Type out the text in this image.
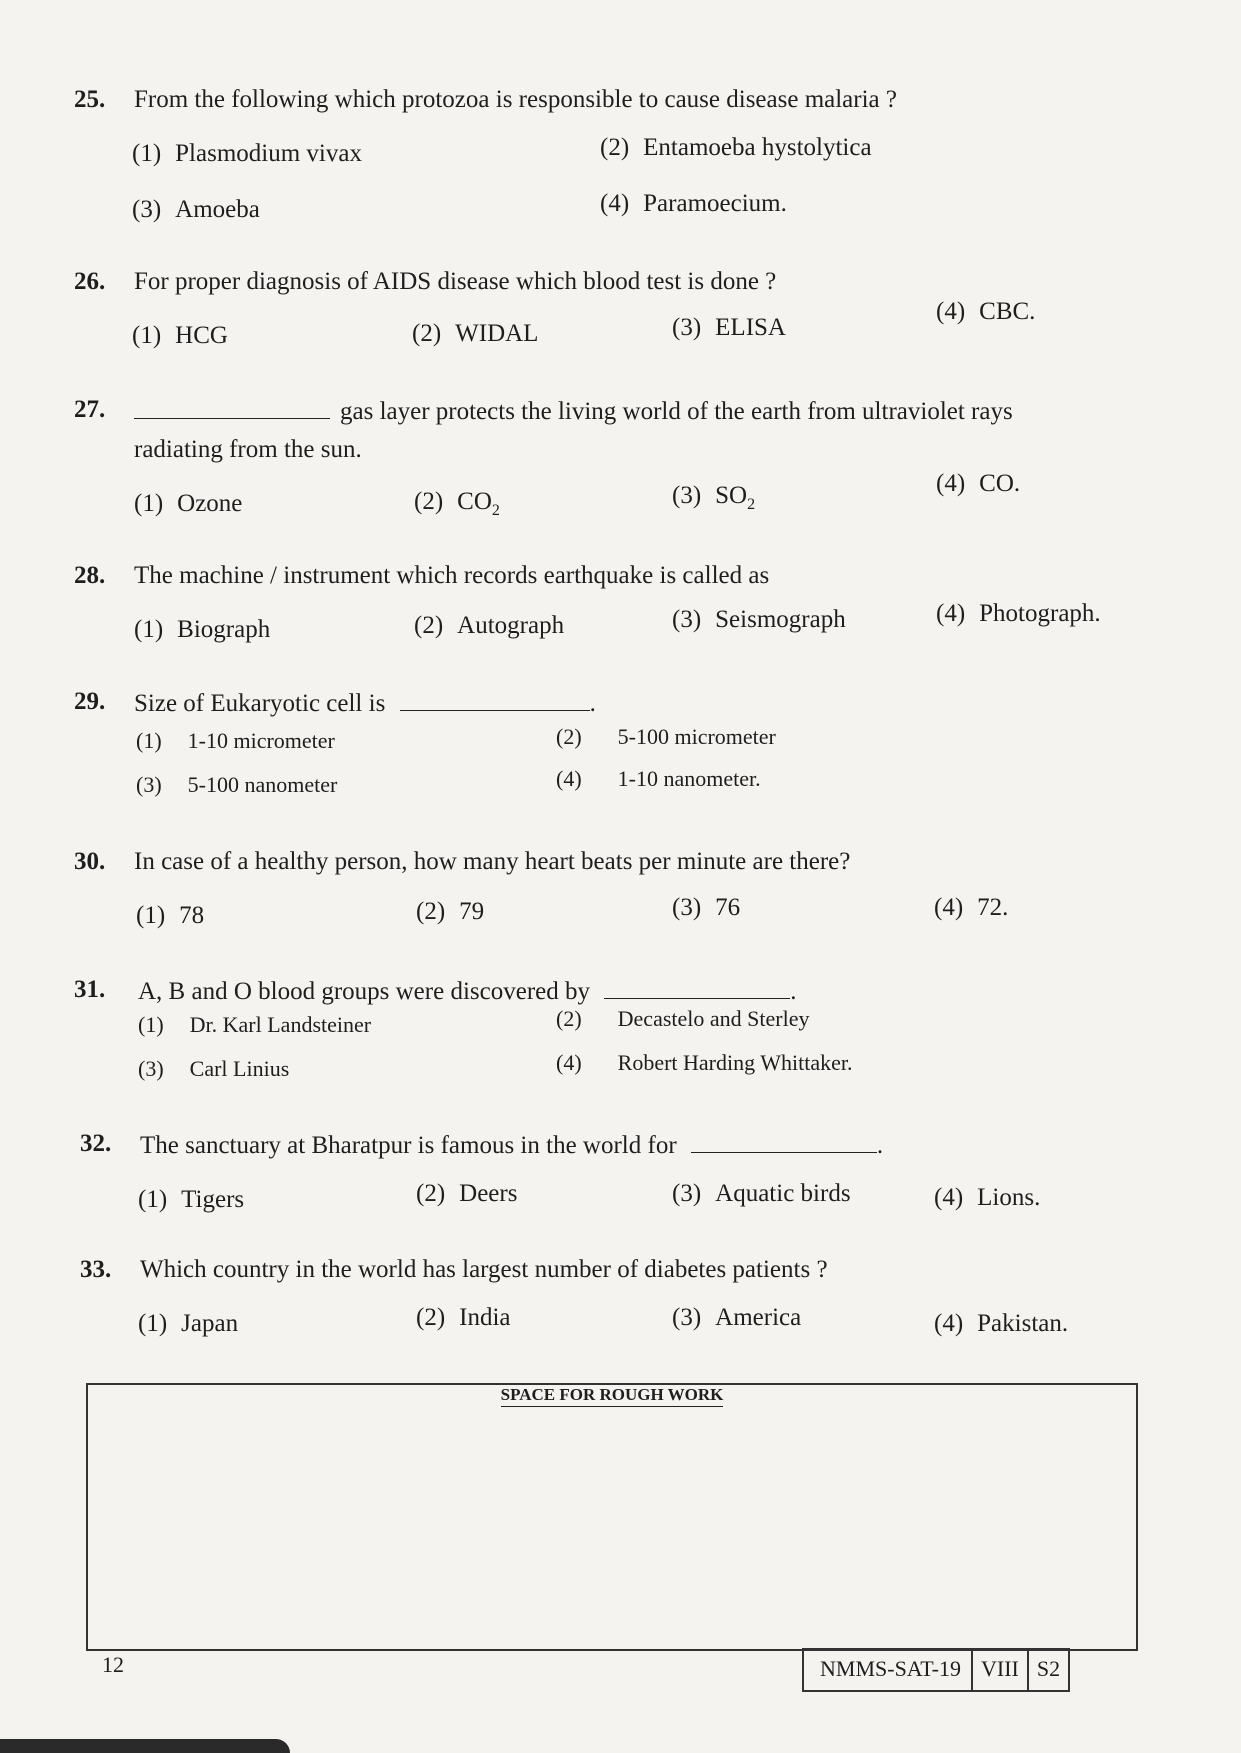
25. From the following which protozoa is responsible to cause disease malaria ?
(1) Plasmodium vivax	(2) Entamoeba hystolytica
(3) Amoeba	(4) Paramoecium.
26. For proper diagnosis of AIDS disease which blood test is done ?
(1) HCG	(2) WIDAL	(3) ELISA
(4) CBC.
27.	gas layer protects the living world of the earth from ultraviolet rays
radiating from the sun.
(1) Ozone	(2) $CO_2$
(3) $SO_2$
(4) CO.
28. The machine / instrument which records earthquake is called as
(1) Biograph	(2) Autograph	(3) Seismograph	(4) Photograph.
29. Size of Eukaryotic cell is	.
(1) 1-10 micrometer	(2) 5-100 micrometer
(3) 5-100 nanometer	(4) 1-10 nanometer.
30. In case of a healthy person, how many heart beats per minute are there?
(1) 78	(2) 79	(3) 76	(4) 72.
31. A, B and O blood groups were discovered by	.
(1) Dr. Karl Landsteiner	(2) Decastelo and Sterley
(3) Carl Linius	(4) Robert Harding Whittaker.
32. The sanctuary at Bharatpur is famous in the world for	.
(1) Tigers	(2) Deers	(3) Aquatic birds	(4) Lions.
33. Which country in the world has largest number of diabetes patients ?
(1) Japan	(2) India	(3) America	(4) Pakistan.
SPACE FOR ROUGH WORK
12	NMMS-SAT-19 VIII S2
